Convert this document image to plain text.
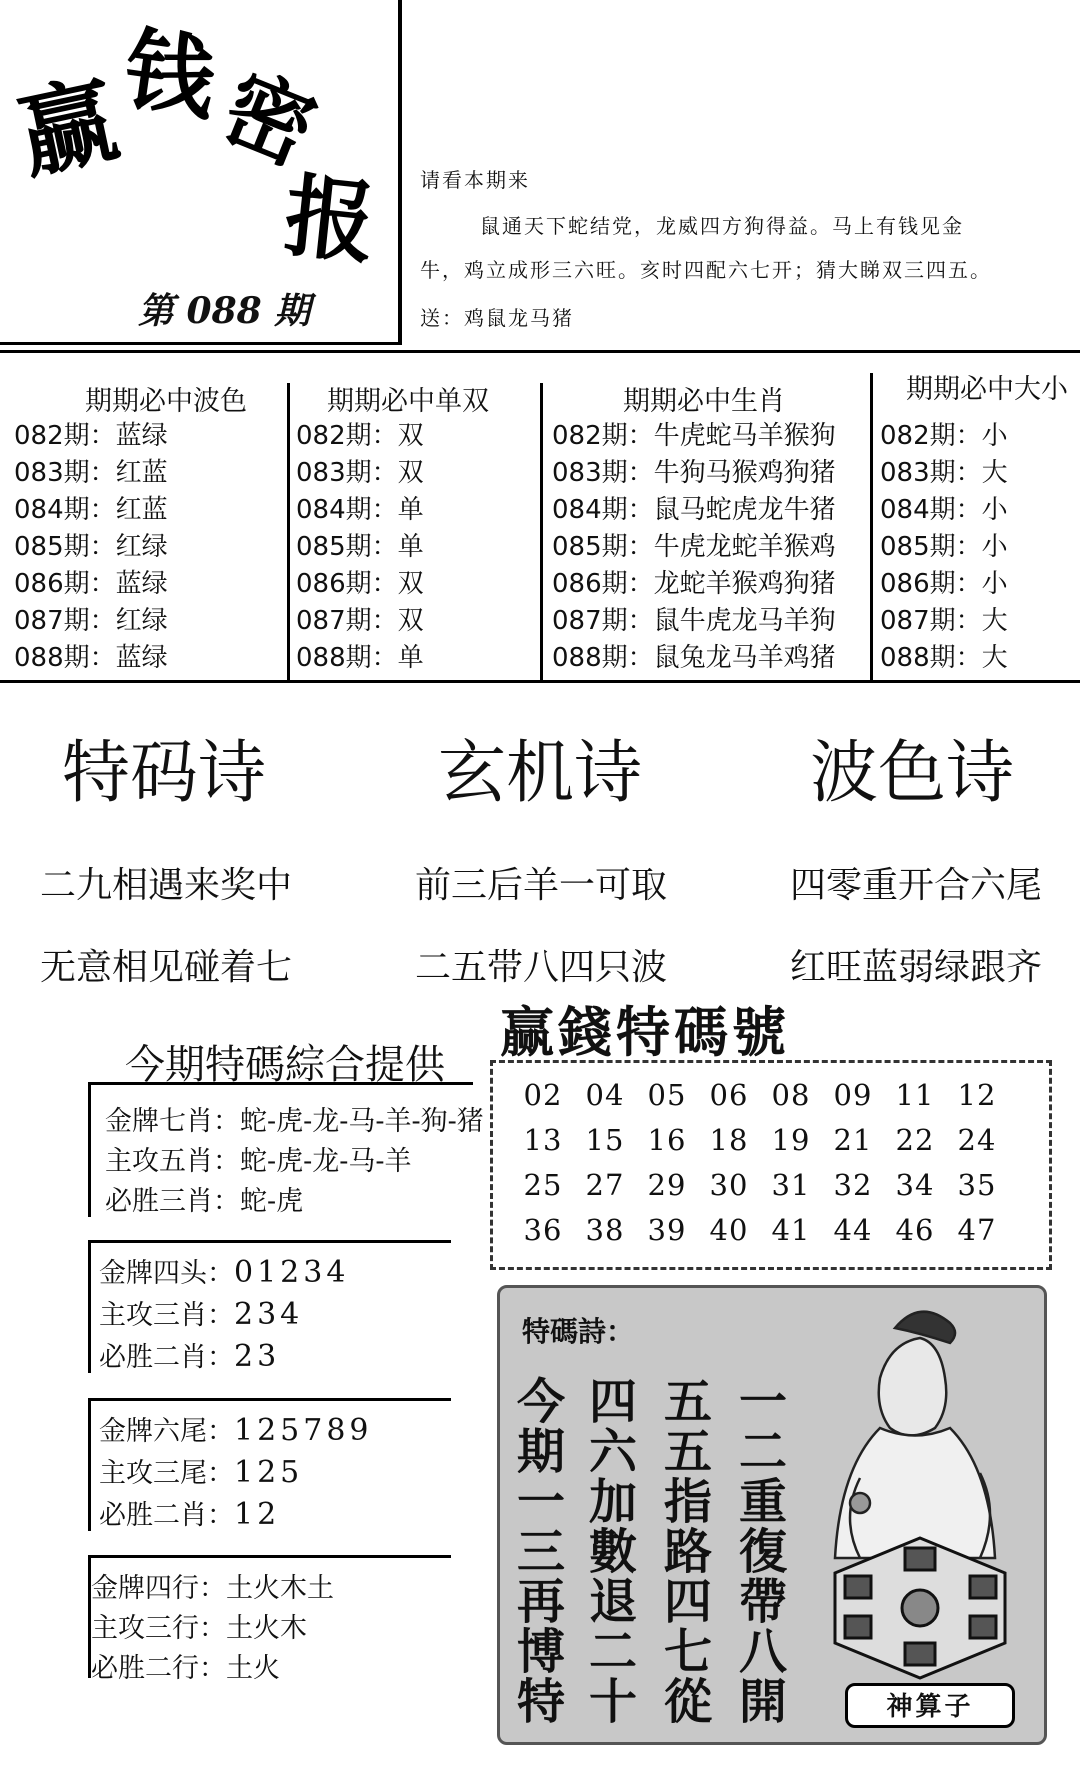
赢
钱
密
报
第 088 期
请看本期来
鼠通天下蛇结党，龙威四方狗得益。马上有钱见金
牛，鸡立成形三六旺。亥时四配六七开；猜大睇双三四五。
送：鸡鼠龙马猪
期期必中波色
082期：蓝绿
083期：红蓝
084期：红蓝
085期：红绿
086期：蓝绿
087期：红绿
088期：蓝绿
期期必中单双
082期：双
083期：双
084期：单
085期：单
086期：双
087期：双
088期：单
期期必中生肖
082期：牛虎蛇马羊猴狗
083期：牛狗马猴鸡狗猪
084期：鼠马蛇虎龙牛猪
085期：牛虎龙蛇羊猴鸡
086期：龙蛇羊猴鸡狗猪
087期：鼠牛虎龙马羊狗
088期：鼠兔龙马羊鸡猪
期期必中大小
082期：小
083期：大
084期：小
085期：小
086期：小
087期：大
088期：大
特码诗	玄机诗 波色诗
二九相遇来奖中	前三后羊一可取	四零重开合六尾
无意相见碰着七	二五带八四只波	红旺蓝弱绿跟齐
今期特碼綜合提供
金牌七肖：蛇-虎-龙-马-羊-狗-猪
主攻五肖：蛇-虎-龙-马-羊
必胜三肖：蛇-虎
金牌四头：01234
主攻三肖：234
必胜二肖：23
金牌六尾：125789
主攻三尾：125
必胜二肖：12
金牌四行：土火木土
主攻三行：土火木
必胜二行：土火
赢錢特碼號
02 04 05 06 08 09 11 12
13 15 16 18 19 21 22 24
25 27 29 30 31 32 34 35
36 38 39 40 41 44 46 47
特碼詩：
今
期
一
三
再
博
特
四
六
加
數
退
二
十
五
五
指
路
四
七
從
一
二
重
復
帶
八
開	神算子
